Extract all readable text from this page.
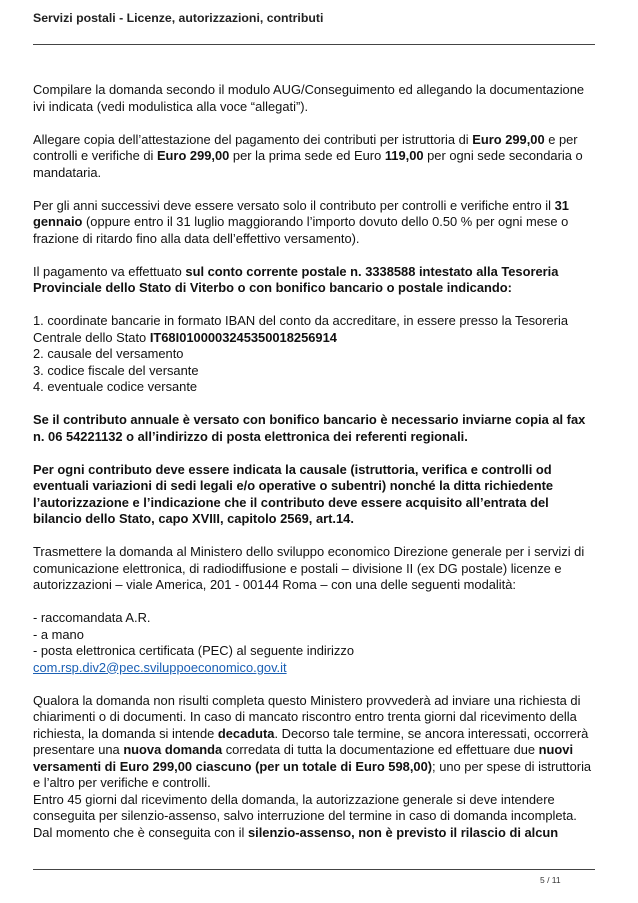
Servizi postali - Licenze, autorizzazioni, contributi

Compilare la domanda secondo il modulo AUG/Conseguimento ed allegando la documentazione ivi indicata (vedi modulistica alla voce “allegati”).

Allegare copia dell’attestazione del pagamento dei contributi per istruttoria di Euro 299,00 e per controlli e verifiche di Euro 299,00 per la prima sede ed Euro 119,00 per ogni sede secondaria o mandataria.

Per gli anni successivi deve essere versato solo il contributo per controlli e verifiche entro il 31 gennaio (oppure entro il 31 luglio maggiorando l’importo dovuto dello 0.50 % per ogni mese o frazione di ritardo fino alla data dell’effettivo versamento).

Il pagamento va effettuato sul conto corrente postale n. 3338588 intestato alla Tesoreria Provinciale dello Stato di Viterbo o con bonifico bancario o postale indicando:

1. coordinate bancarie in formato IBAN del conto da accreditare, in essere presso la Tesoreria Centrale dello Stato IT68I0100003245350018256914
2. causale del versamento
3. codice fiscale del versante
4. eventuale codice versante

Se il contributo annuale è versato con bonifico bancario è necessario inviarne copia al fax n. 06 54221132 o all’indirizzo di posta elettronica dei referenti regionali.

Per ogni contributo deve essere indicata la causale (istruttoria, verifica e controlli od eventuali variazioni di sedi legali e/o operative o subentri) nonché la ditta richiedente l’autorizzazione e l’indicazione che il contributo deve essere acquisito all’entrata del bilancio dello Stato, capo XVIII, capitolo 2569, art.14.

Trasmettere la domanda al Ministero dello sviluppo economico Direzione generale per i servizi di comunicazione elettronica, di radiodiffusione e postali – divisione II (ex DG postale) licenze e autorizzazioni – viale America, 201 - 00144 Roma – con una delle seguenti modalità:

- raccomandata A.R.
- a mano
- posta elettronica certificata (PEC) al seguente indirizzo
com.rsp.div2@pec.sviluppoeconomico.gov.it

Qualora la domanda non risulti completa questo Ministero provvederà ad inviare una richiesta di chiarimenti o di documenti. In caso di mancato riscontro entro trenta giorni dal ricevimento della richiesta, la domanda si intende decaduta. Decorso tale termine, se ancora interessati, occorrerà presentare una nuova domanda corredata di tutta la documentazione ed effettuare due nuovi versamenti di Euro 299,00 ciascuno (per un totale di Euro 598,00); uno per spese di istruttoria e l’altro per verifiche e controlli.

Entro 45 giorni dal ricevimento della domanda, la autorizzazione generale si deve intendere conseguita per silenzio-assenso, salvo interruzione del termine in caso di domanda incompleta.

Dal momento che è conseguita con il silenzio-assenso, non è previsto il rilascio di alcun

5 / 11
